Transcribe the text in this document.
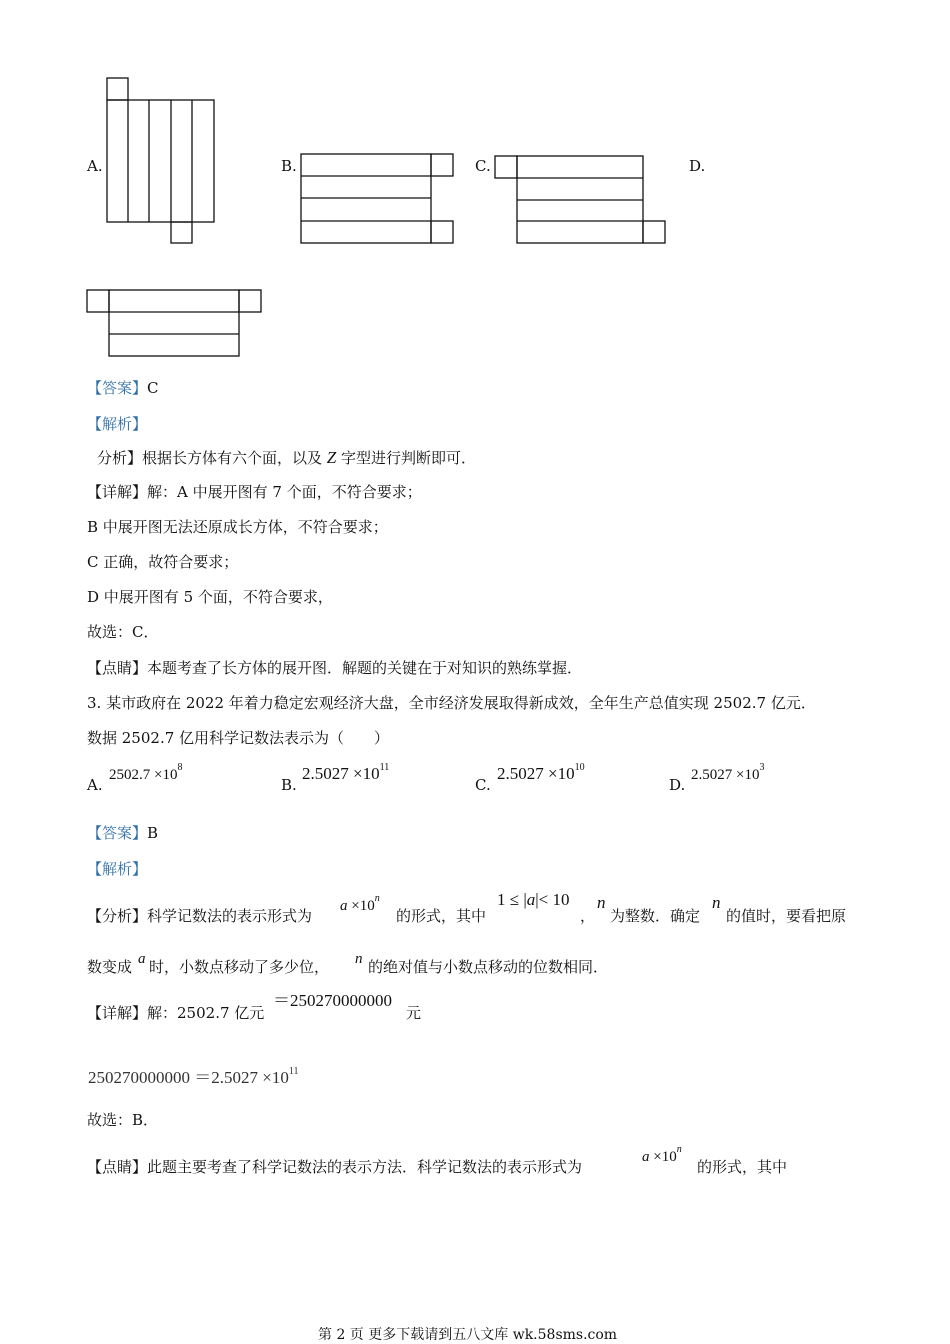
A.	B.	C.	D.
【答案】C
【解析】
分析】根据长方体有六个面，以及 Z 字型进行判断即可．
【详解】解：A 中展开图有 7 个面，不符合要求；
B 中展开图无法还原成长方体，不符合要求；
C 正确，故符合要求；
D 中展开图有 5 个面，不符合要求，
故选：C．
【点睛】本题考查了长方体的展开图．解题的关键在于对知识的熟练掌握．
3. 某市政府在 2022 年着力稳定宏观经济大盘，全市经济发展取得新成效，全年生产总值实现 2502.7 亿元．
数据 2502.7 亿用科学记数法表示为（　　）
A.
$2502.7 \times 10^8$
B.
$2.5027 \times 10^{11}$
C.
$2.5027 \times 10^{10}$
D.
$2.5027 \times 10^3$
【答案】B
【解析】
【分析】科学记数法的表示形式为
$a \times 10^n$
的形式，其中
1 ≤ |a|< 10
，
n
为整数．确定
n
的值时，要看把原
数变成 a 时，小数点移动了多少位， n 的绝对值与小数点移动的位数相同．
【详解】解：2502.7 亿元
＝250270000000
元
$250270000000 =2.5027 \times 10^{11}$
故选：B．
【点睛】此题主要考查了科学记数法的表示方法．科学记数法的表示形式为
$a \times 10^n$
的形式，其中
第 2 页 更多下载请到五八文库 wk.58sms.com
